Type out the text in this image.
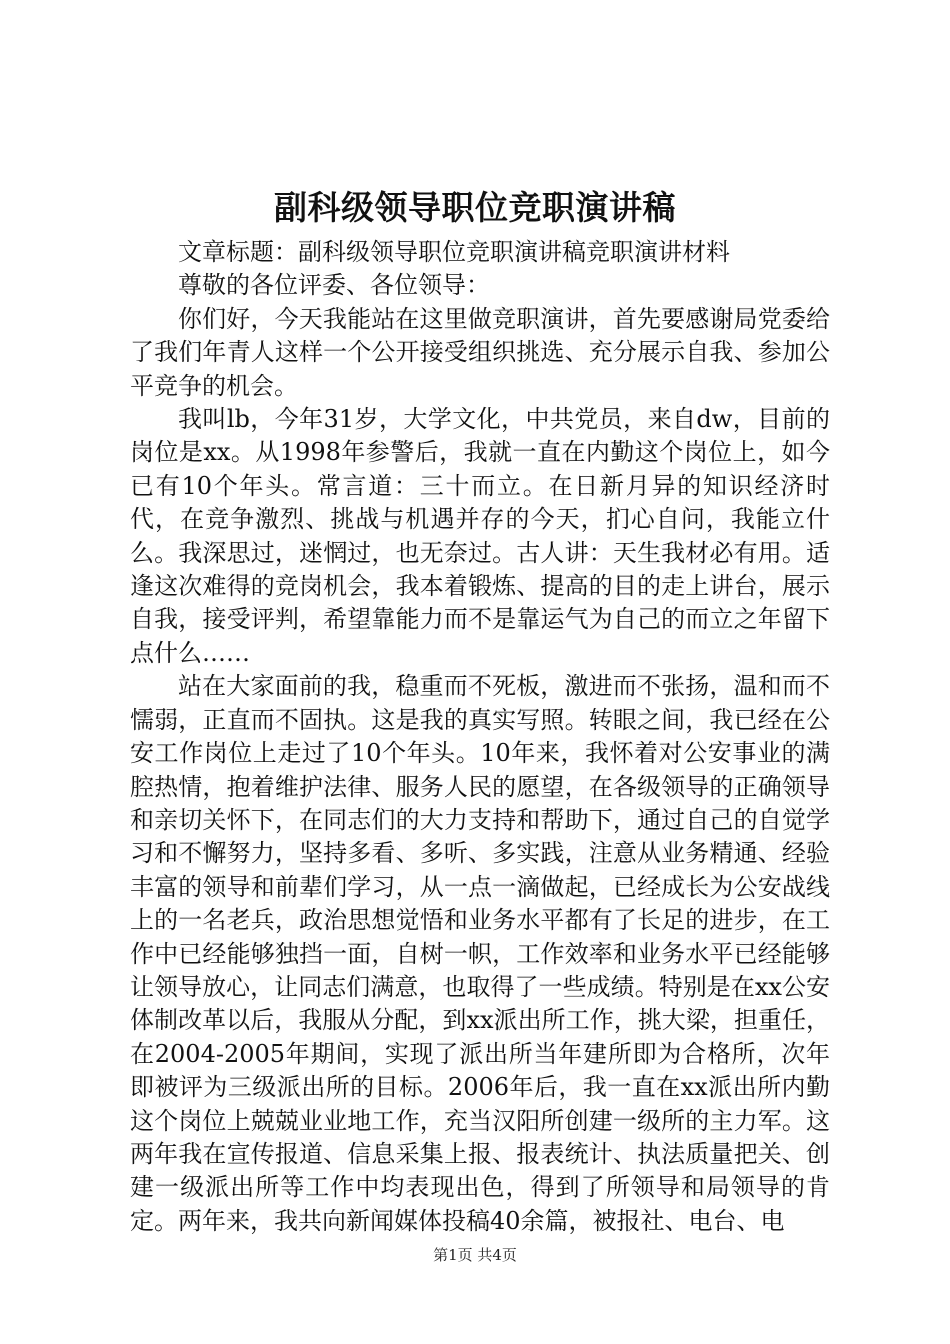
副科级领导职位竞职演讲稿

文章标题：副科级领导职位竞职演讲稿竞职演讲材料

尊敬的各位评委、各位领导：

你们好，今天我能站在这里做竞职演讲，首先要感谢局党委给了我们年青人这样一个公开接受组织挑选、充分展示自我、参加公平竞争的机会。

我叫lb，今年31岁，大学文化，中共党员，来自dw，目前的岗位是xx。从1998年参警后，我就一直在内勤这个岗位上，如今已有10个年头。常言道：三十而立。在日新月异的知识经济时代，在竞争激烈、挑战与机遇并存的今天，扪心自问，我能立什么。我深思过，迷惘过，也无奈过。古人讲：天生我材必有用。适逢这次难得的竞岗机会，我本着锻炼、提高的目的走上讲台，展示自我，接受评判，希望靠能力而不是靠运气为自己的而立之年留下点什么……

站在大家面前的我，稳重而不死板，激进而不张扬，温和而不懦弱，正直而不固执。这是我的真实写照。转眼之间，我已经在公安工作岗位上走过了10个年头。10年来，我怀着对公安事业的满腔热情，抱着维护法律、服务人民的愿望，在各级领导的正确领导和亲切关怀下，在同志们的大力支持和帮助下，通过自己的自觉学习和不懈努力，坚持多看、多听、多实践，注意从业务精通、经验丰富的领导和前辈们学习，从一点一滴做起，已经成长为公安战线上的一名老兵，政治思想觉悟和业务水平都有了长足的进步，在工作中已经能够独挡一面，自树一帜，工作效率和业务水平已经能够让领导放心，让同志们满意，也取得了一些成绩。特别是在xx公安体制改革以后，我服从分配，到xx派出所工作，挑大梁，担重任，在2004-2005年期间，实现了派出所当年建所即为合格所，次年即被评为三级派出所的目标。2006年后，我一直在xx派出所内勤这个岗位上兢兢业业地工作，充当汉阳所创建一级所的主力军。这两年我在宣传报道、信息采集上报、报表统计、执法质量把关、创建一级派出所等工作中均表现出色，得到了所领导和局领导的肯定。两年来，我共向新闻媒体投稿40余篇，被报社、电台、电

第1页 共4页
